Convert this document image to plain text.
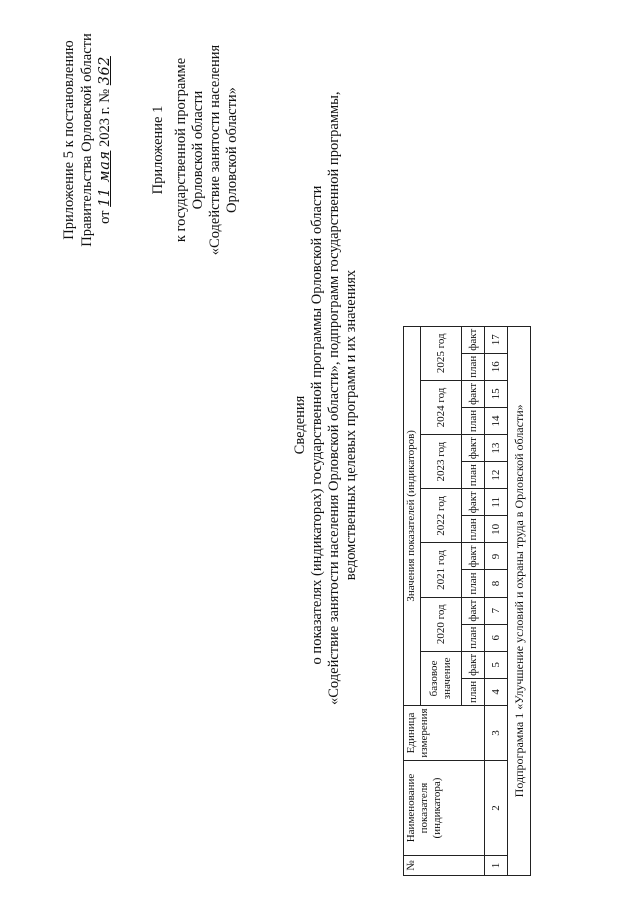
Приложение 5 к постановлению Правительства Орловской области от 11 мая 2023 г. № 362
Приложение 1 к государственной программе Орловской области «Содействие занятости населения Орловской области»
Сведения о показателях (индикаторах) государственной программы Орловской области «Содействие занятости населения Орловской области», подпрограмм государственной программы, ведомственных целевых программ и их значениях
№	Наименование показателя (индикатора)	Единица измерения	Значения показателей (индикаторов)													
			базовое значение		2020 год		2021 год		2022 год		2023 год		2024 год		2025 год	
			план	факт	план	факт	план	факт	план	факт	план	факт	план	факт	план	факт
1	2	3	4	5	6	7	8	9	10	11	12	13	14	15	16	17
Подпрограмма 1 «Улучшение условий и охраны труда в Орловской области»																
